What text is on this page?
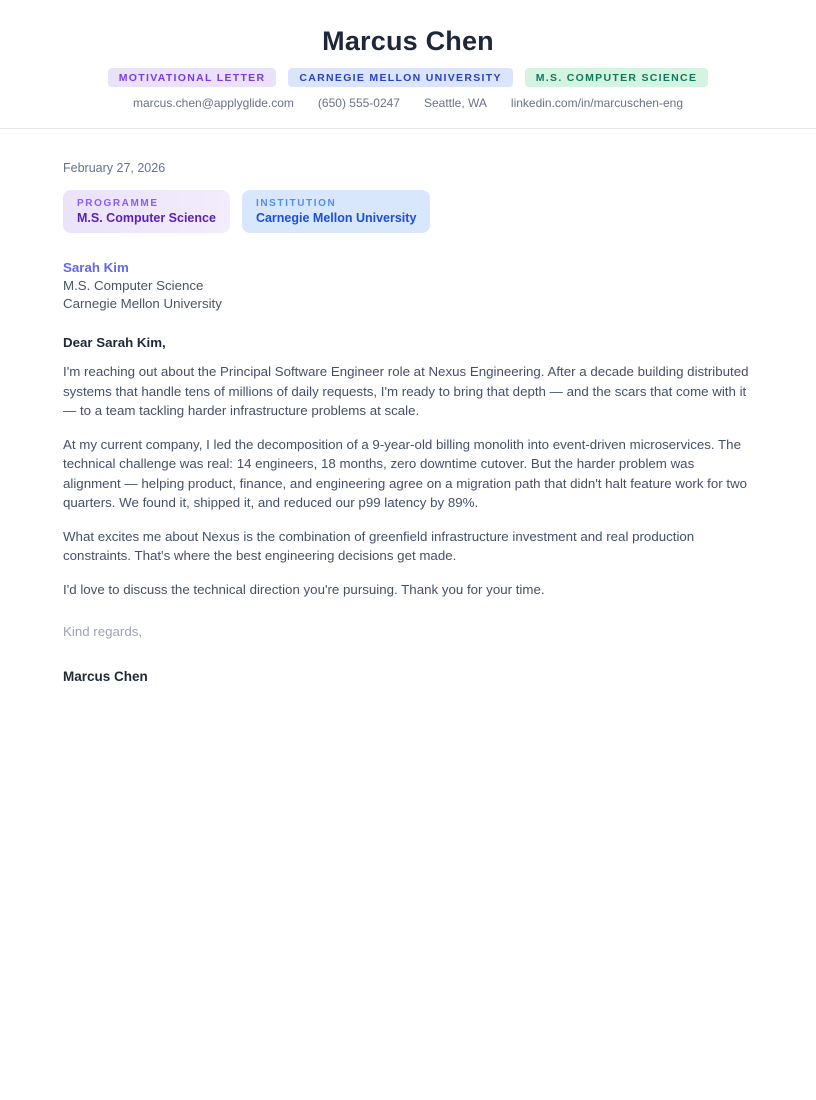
Marcus Chen
MOTIVATIONAL LETTER	CARNEGIE MELLON UNIVERSITY	M.S. COMPUTER SCIENCE
marcus.chen@applyglide.com (650) 555-0247 Seattle, WA linkedin.com/in/marcuschen-eng
February 27, 2026
PROGRAMME
M.S. Computer Science
INSTITUTION
Carnegie Mellon University
Sarah Kim
M.S. Computer Science
Carnegie Mellon University
Dear Sarah Kim,

I'm reaching out about the Principal Software Engineer role at Nexus Engineering. After a decade building distributed systems that handle tens of millions of daily requests, I'm ready to bring that depth — and the scars that come with it — to a team tackling harder infrastructure problems at scale.

At my current company, I led the decomposition of a 9-year-old billing monolith into event-driven microservices. The technical challenge was real: 14 engineers, 18 months, zero downtime cutover. But the harder problem was alignment — helping product, finance, and engineering agree on a migration path that didn't halt feature work for two quarters. We found it, shipped it, and reduced our p99 latency by 89%.

What excites me about Nexus is the combination of greenfield infrastructure investment and real production constraints. That's where the best engineering decisions get made.

I'd love to discuss the technical direction you're pursuing. Thank you for your time.

Kind regards,
Marcus Chen
